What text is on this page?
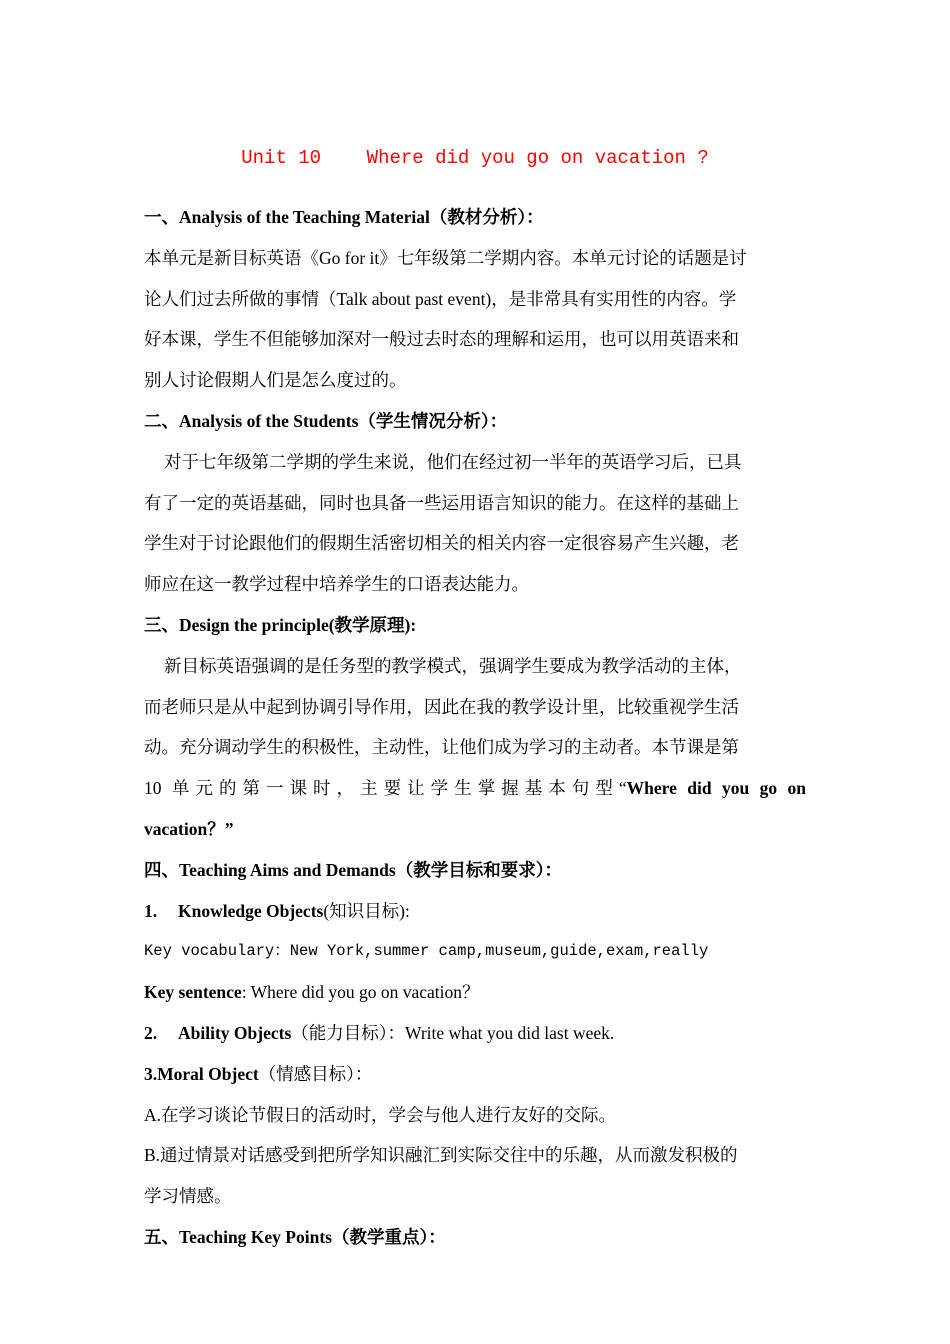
Unit 10    Where did you go on vacation ?
一、Analysis of the Teaching Material（教材分析）：
本单元是新目标英语《Go for it》七年级第二学期内容。本单元讨论的话题是讨
论人们过去所做的事情（Talk about past event)，是非常具有实用性的内容。学
好本课，学生不但能够加深对一般过去时态的理解和运用，也可以用英语来和
别人讨论假期人们是怎么度过的。
二、Analysis of the Students（学生情况分析）：
对于七年级第二学期的学生来说，他们在经过初一半年的英语学习后，已具
有了一定的英语基础，同时也具备一些运用语言知识的能力。在这样的基础上
学生对于讨论跟他们的假期生活密切相关的相关内容一定很容易产生兴趣，老
师应在这一教学过程中培养学生的口语表达能力。
三、Design the principle(教学原理):
新目标英语强调的是任务型的教学模式，强调学生要成为教学活动的主体，
而老师只是从中起到协调引导作用，因此在我的教学设计里，比较重视学生活
动。充分调动学生的积极性，主动性，让他们成为学习的主动者。本节课是第
10 单元的第一课时，主要让学生掌握基本句型“Where did you go on
vacation？”
四、Teaching Aims and Demands（教学目标和要求）：
1. Knowledge Objects(知识目标):
Key vocabulary：New York,summer camp,museum,guide,exam,really
Key sentence: Where did you go on vacation？
2. Ability Objects（能力目标）：Write what you did last week.
3.Moral Object（情感目标）：
A.在学习谈论节假日的活动时，学会与他人进行友好的交际。
B.通过情景对话感受到把所学知识融汇到实际交往中的乐趣，从而激发积极的
学习情感。
五、Teaching Key Points（教学重点）：
